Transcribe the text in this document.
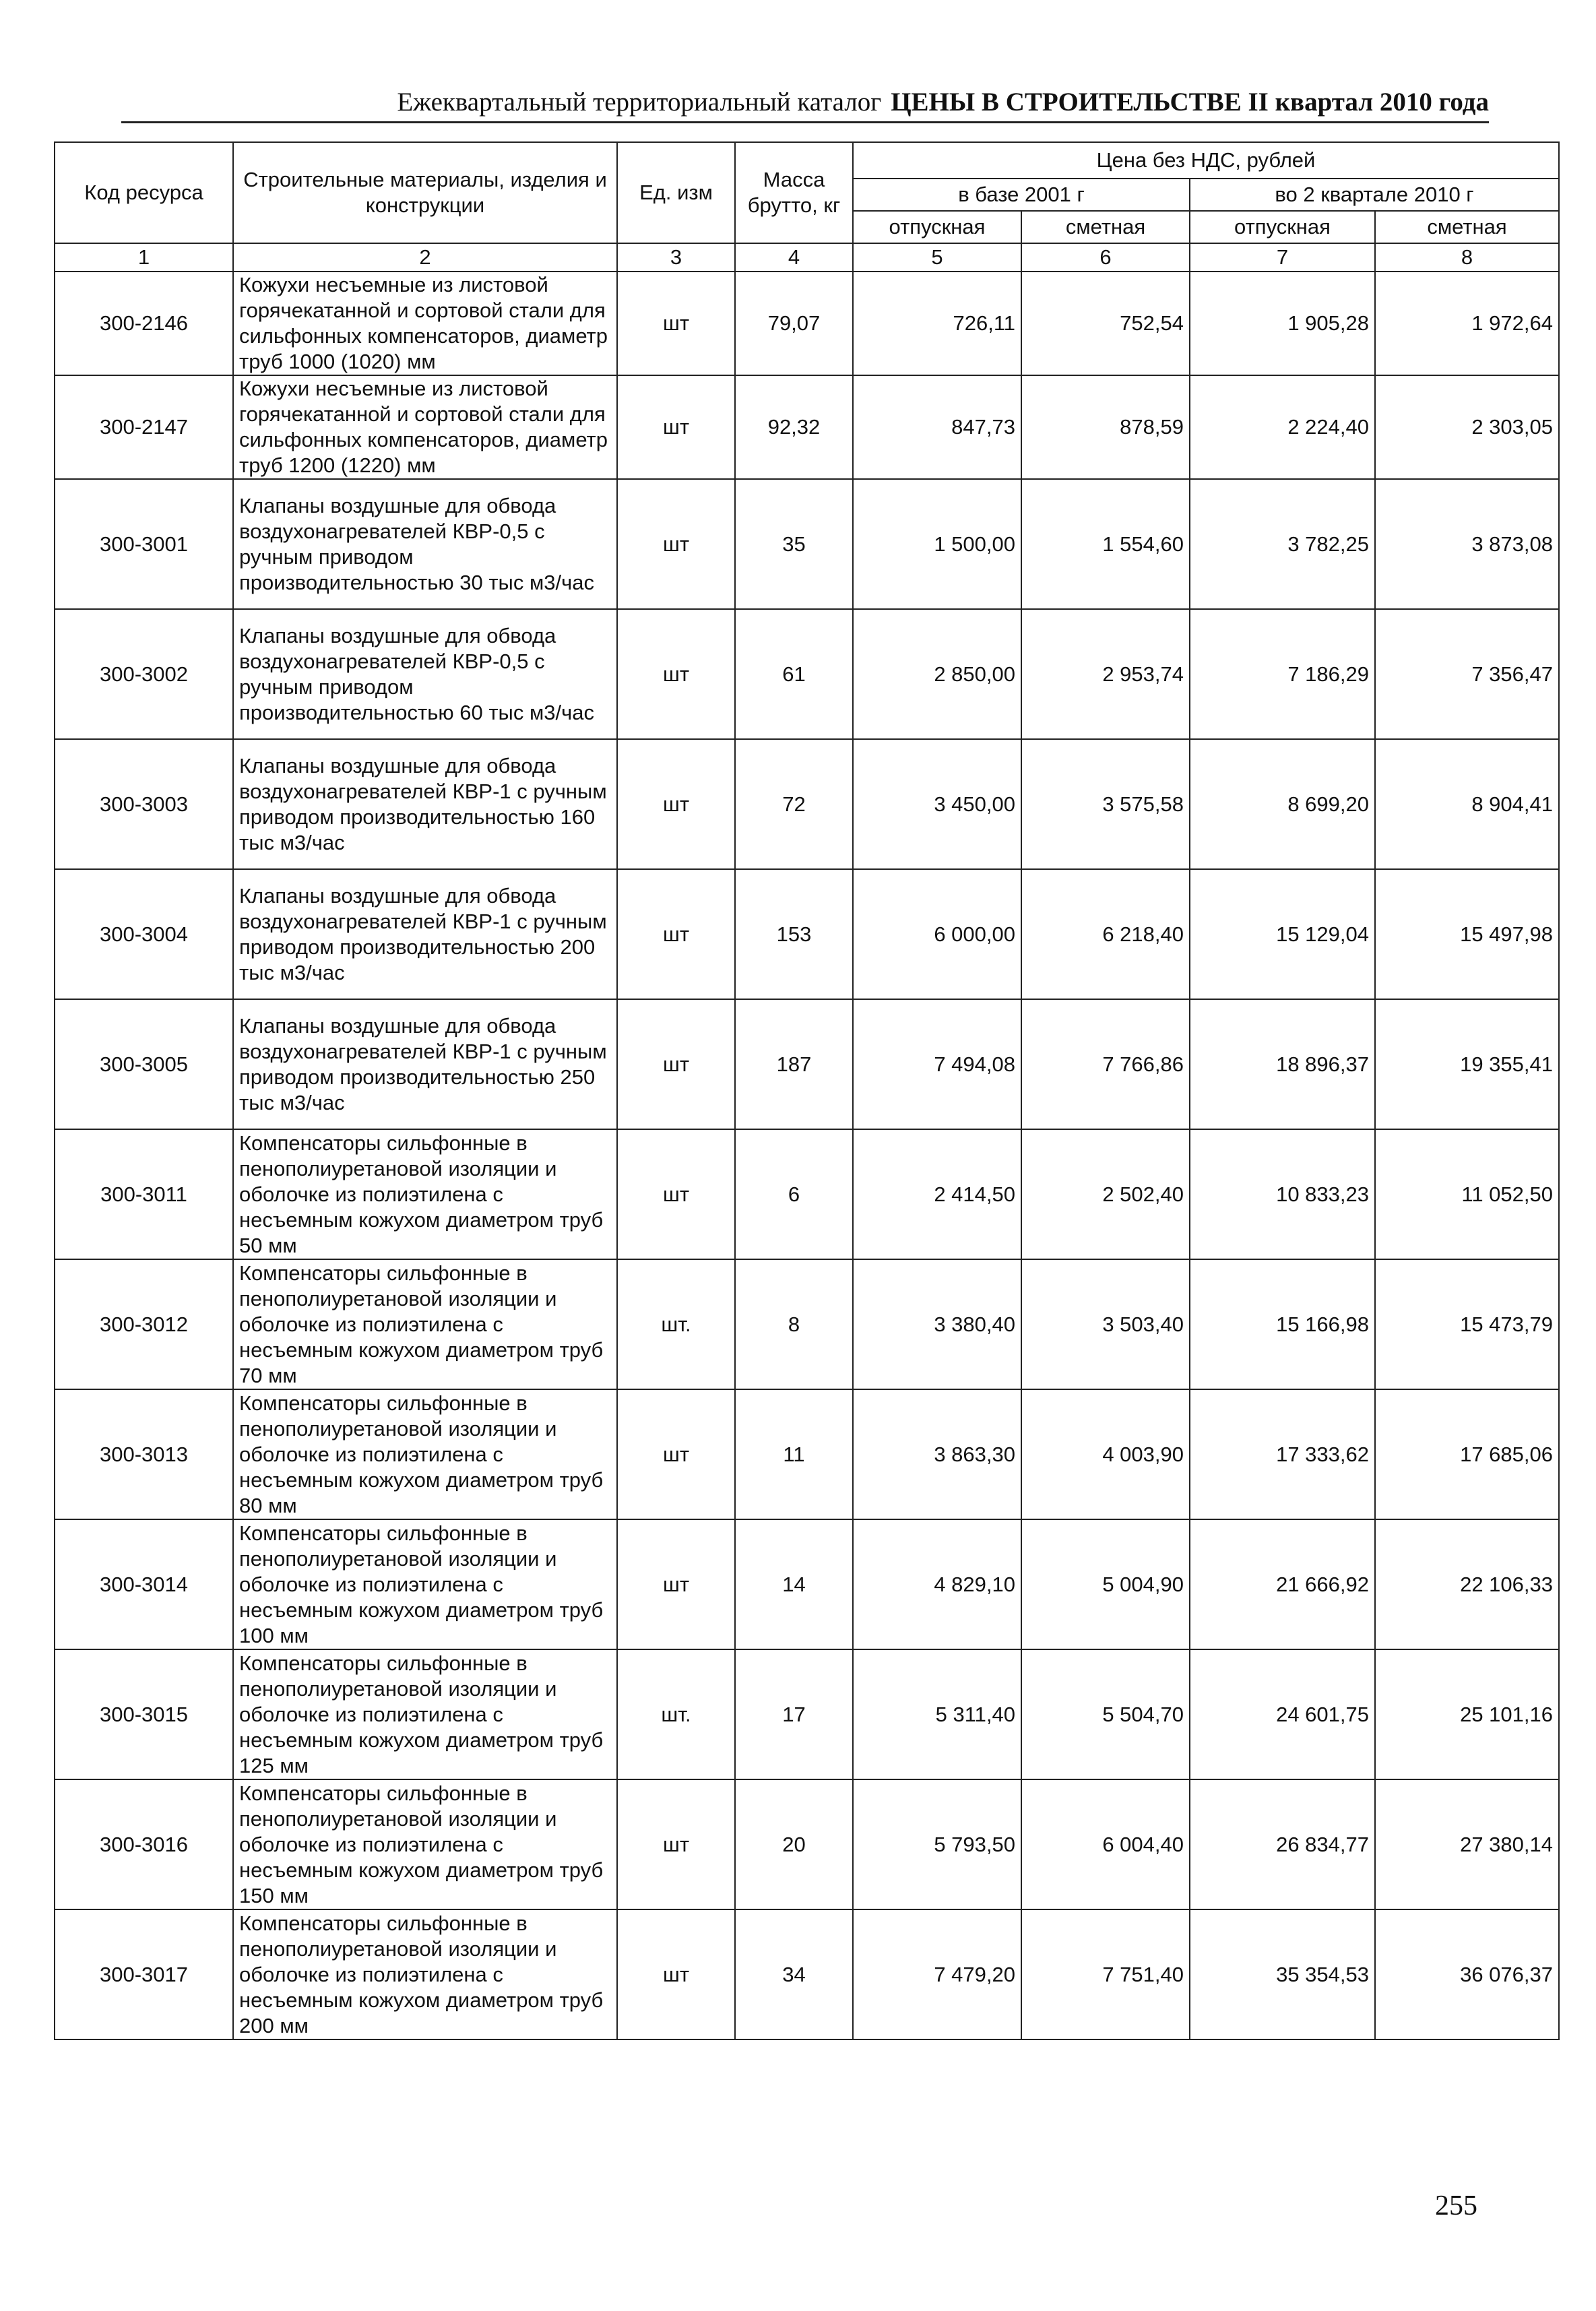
Ежеквартальный территориальный каталог ЦЕНЫ В СТРОИТЕЛЬСТВЕ II квартал 2010 года
Код ресурса	Строительные материалы, изделия и конструкции	Ед. изм	Масса брутто, кг	Цена без НДС, рублей			
				в базе 2001 г		во 2 квартале 2010 г	
				отпускная	сметная	отпускная	сметная
1	2	3	4	5	6	7	8
300-2146	Кожухи несъемные из листовой горячекатанной и сортовой стали для сильфонных компенсаторов, диаметр труб 1000 (1020) мм	шт	79,07	726,11	752,54	1 905,28	1 972,64
300-2147	Кожухи несъемные из листовой горячекатанной и сортовой стали для сильфонных компенсаторов, диаметр труб 1200 (1220) мм	шт	92,32	847,73	878,59	2 224,40	2 303,05
300-3001	Клапаны воздушные для обвода воздухонагревателей КВР-0,5 с ручным приводом производительностью 30 тыс м3/час	шт	35	1 500,00	1 554,60	3 782,25	3 873,08
300-3002	Клапаны воздушные для обвода воздухонагревателей КВР-0,5 с ручным приводом производительностью 60 тыс м3/час	шт	61	2 850,00	2 953,74	7 186,29	7 356,47
300-3003	Клапаны воздушные для обвода воздухонагревателей КВР-1 с ручным приводом производительностью 160 тыс м3/час	шт	72	3 450,00	3 575,58	8 699,20	8 904,41
300-3004	Клапаны воздушные для обвода воздухонагревателей КВР-1 с ручным приводом производительностью 200 тыс м3/час	шт	153	6 000,00	6 218,40	15 129,04	15 497,98
300-3005	Клапаны воздушные для обвода воздухонагревателей КВР-1 с ручным приводом производительностью 250 тыс м3/час	шт	187	7 494,08	7 766,86	18 896,37	19 355,41
300-3011	Компенсаторы сильфонные в пенополиуретановой изоляции и оболочке из полиэтилена с несъемным кожухом диаметром труб 50 мм	шт	6	2 414,50	2 502,40	10 833,23	11 052,50
300-3012	Компенсаторы сильфонные в пенополиуретановой изоляции и оболочке из полиэтилена с несъемным кожухом диаметром труб 70 мм	шт.	8	3 380,40	3 503,40	15 166,98	15 473,79
300-3013	Компенсаторы сильфонные в пенополиуретановой изоляции и оболочке из полиэтилена с несъемным кожухом диаметром труб 80 мм	шт	11	3 863,30	4 003,90	17 333,62	17 685,06
300-3014	Компенсаторы сильфонные в пенополиуретановой изоляции и оболочке из полиэтилена с несъемным кожухом диаметром труб 100 мм	шт	14	4 829,10	5 004,90	21 666,92	22 106,33
300-3015	Компенсаторы сильфонные в пенополиуретановой изоляции и оболочке из полиэтилена с несъемным кожухом диаметром труб 125 мм	шт.	17	5 311,40	5 504,70	24 601,75	25 101,16
300-3016	Компенсаторы сильфонные в пенополиуретановой изоляции и оболочке из полиэтилена с несъемным кожухом диаметром труб 150 мм	шт	20	5 793,50	6 004,40	26 834,77	27 380,14
300-3017	Компенсаторы сильфонные в пенополиуретановой изоляции и оболочке из полиэтилена с несъемным кожухом диаметром труб 200 мм	шт	34	7 479,20	7 751,40	35 354,53	36 076,37
255
